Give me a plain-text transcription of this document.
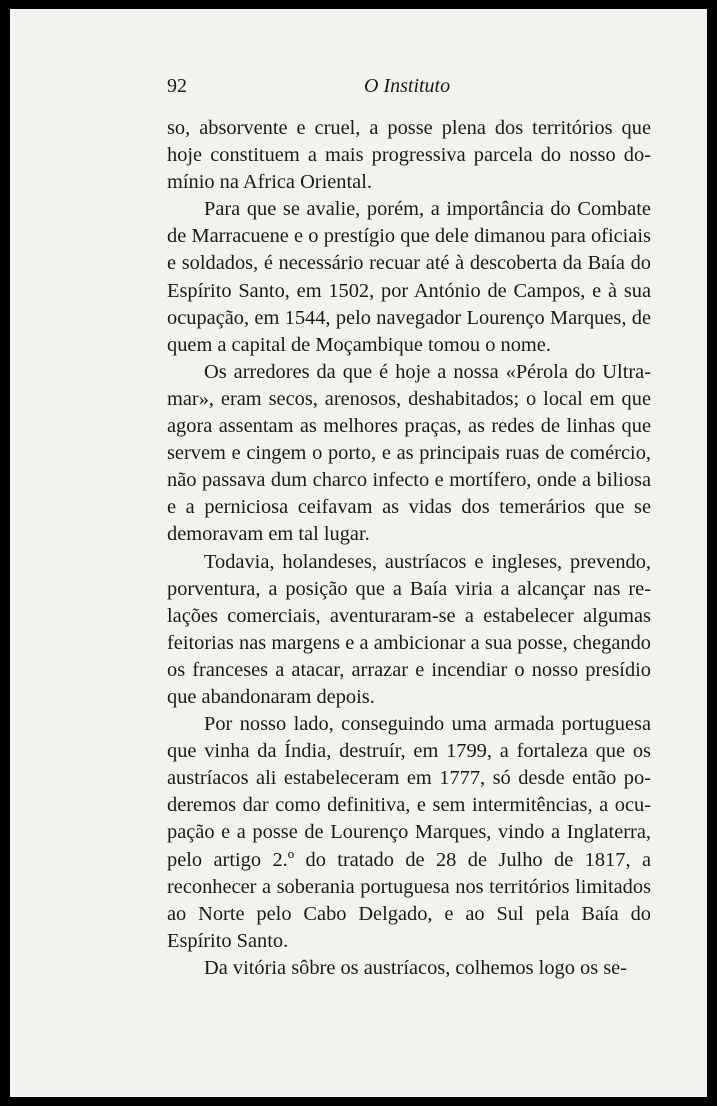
92	O Instituto

so, absorvente e cruel, a posse plena dos territórios que hoje constituem a mais progressiva parcela do nosso domínio na Africa Oriental.

Para que se avalie, porém, a importância do Combate de Marracuene e o prestígio que dele dimanou para oficiais e soldados, é necessário recuar até à descoberta da Baía do Espírito Santo, em 1502, por António de Campos, e à sua ocupação, em 1544, pelo navegador Lourenço Marques, de quem a capital de Moçambique tomou o nome.

Os arredores da que é hoje a nossa «Pérola do Ultramar», eram secos, arenosos, deshabitados; o local em que agora assentam as melhores praças, as redes de linhas que servem e cingem o porto, e as principais ruas de comércio, não passava dum charco infecto e mortífero, onde a biliosa e a perniciosa ceifavam as vidas dos temerários que se demoravam em tal lugar.

Todavia, holandeses, austríacos e ingleses, prevendo, porventura, a posição que a Baía viria a alcançar nas relações comerciais, aventuraram-se a estabelecer algumas feitorias nas margens e a ambicionar a sua posse, chegando os franceses a atacar, arrazar e incendiar o nosso presídio que abandonaram depois.

Por nosso lado, conseguindo uma armada portuguesa que vinha da Índia, destruír, em 1799, a fortaleza que os austríacos ali estabeleceram em 1777, só desde então poderemos dar como definitiva, e sem intermitências, a ocupação e a posse de Lourenço Marques, vindo a Inglaterra, pelo artigo 2.º do tratado de 28 de Julho de 1817, a reconhecer a soberania portuguesa nos territórios limitados ao Norte pelo Cabo Delgado, e ao Sul pela Baía do Espírito Santo.

Da vitória sôbre os austríacos, colhemos logo os se-
